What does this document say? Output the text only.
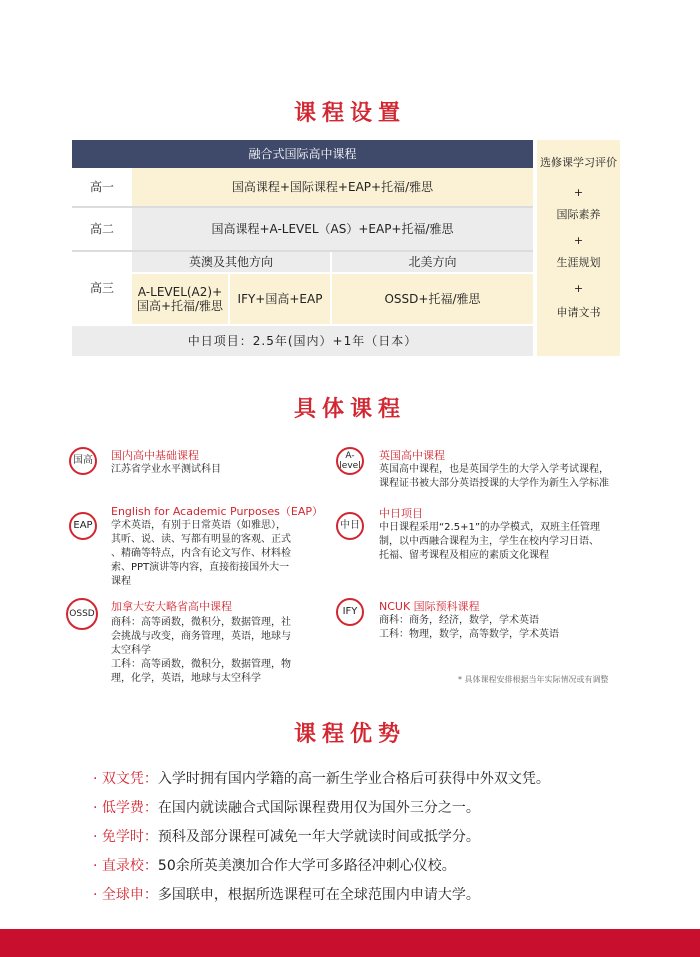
课程设置
融合式国际高中课程
高一	国高课程+国际课程+EAP+托福/雅思
高二	国高课程+A-LEVEL（AS）+EAP+托福/雅思
高三
英澳及其他方向	北美方向
A-LEVEL(A2)+
国高+托福/雅思	IFY+国高+EAP	OSSD+托福/雅思
中日项目：2.5年(国内）+1年（日本）
选修课学习评价
+
国际素养
+
生涯规划
+
申请文书
具体课程
国高	国内高中基础课程
江苏省学业水平测试科目
EAP
English for Academic Purposes（EAP）
学术英语，有别于日常英语（如雅思），
其听、说、读、写都有明显的客观、正式
、精确等特点，内含有论文写作、材料检
索、PPT演讲等内容，直接衔接国外大一
课程
OSSD
加拿大安大略省高中课程
商科：高等函数，微积分，数据管理，社
会挑战与改变，商务管理，英语，地球与
太空科学
工科：高等函数，微积分，数据管理，物
理，化学，英语，地球与太空科学
A-
level
英国高中课程
英国高中课程，也是英国学生的大学入学考试课程，
课程证书被大部分英语授课的大学作为新生入学标准
中日
中日项目
中日课程采用“2.5+1”的办学模式，双班主任管理
制，以中西融合课程为主，学生在校内学习日语、
托福、留考课程及相应的素质文化课程
IFY	NCUK 国际预科课程
商科：商务，经济，数学，学术英语
工科：物理，数学，高等数学，学术英语
* 具体课程安排根据当年实际情况或有调整
课程优势
· 双文凭：入学时拥有国内学籍的高一新生学业合格后可获得中外双文凭。
· 低学费：在国内就读融合式国际课程费用仅为国外三分之一。
· 免学时：预科及部分课程可减免一年大学就读时间或抵学分。
· 直录校：50余所英美澳加合作大学可多路径冲刺心仪校。
· 全球申：多国联申，根据所选课程可在全球范围内申请大学。
